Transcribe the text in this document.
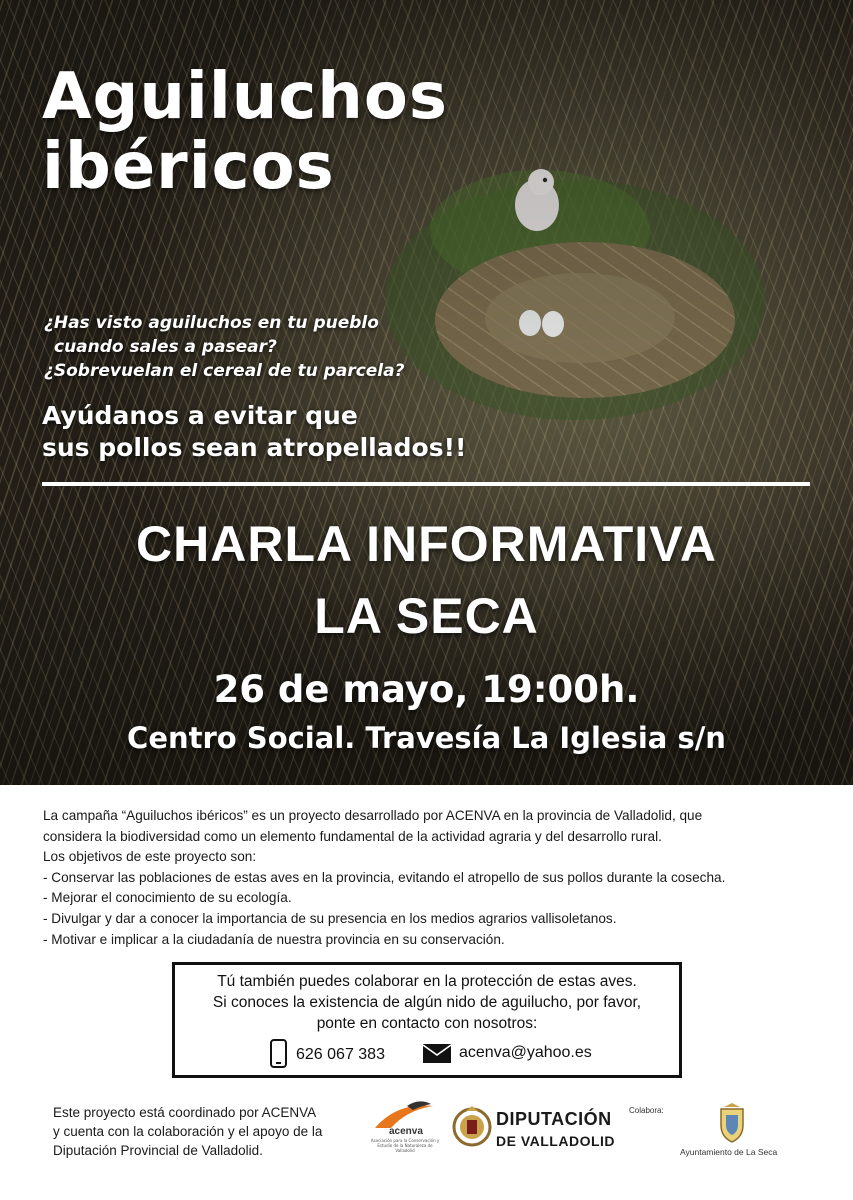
Aguiluchos
ibéricos
¿Has visto aguiluchos en tu pueblo
cuando sales a pasear?
¿Sobrevuelan el cereal de tu parcela?
Ayúdanos a evitar que
sus pollos sean atropellados!!
CHARLA INFORMATIVA
LA SECA
26 de mayo, 19:00h.
Centro Social. Travesía La Iglesia s/n

La campaña “Aguiluchos ibéricos” es un proyecto desarrollado por ACENVA en la provincia de Valladolid, que

considera la biodiversidad como un elemento fundamental de la actividad agraria y del desarrollo rural.

Los objetivos de este proyecto son:

- Conservar las poblaciones de estas aves en la provincia, evitando el atropello de sus pollos durante la cosecha.

- Mejorar el conocimiento de su ecología.

- Divulgar y dar a conocer la importancia de su presencia en los medios agrarios vallisoletanos.

- Motivar e implicar a la ciudadanía de nuestra provincia en su conservación.

Tú también puedes colaborar en la protección de estas aves.
Si conoces la existencia de algún nido de aguilucho, por favor,
ponte en contacto con nosotros:
626 067 383	acenva@yahoo.es
Este proyecto está coordinado por ACENVA
y cuenta con la colaboración y el apoyo de la
Diputación Provincial de Valladolid.
acenva
Asociación para la Conservación y Estudio de la Naturaleza de Valladolid
DIPUTACIÓN
DE VALLADOLID
Colabora:
Ayuntamiento de La Seca
